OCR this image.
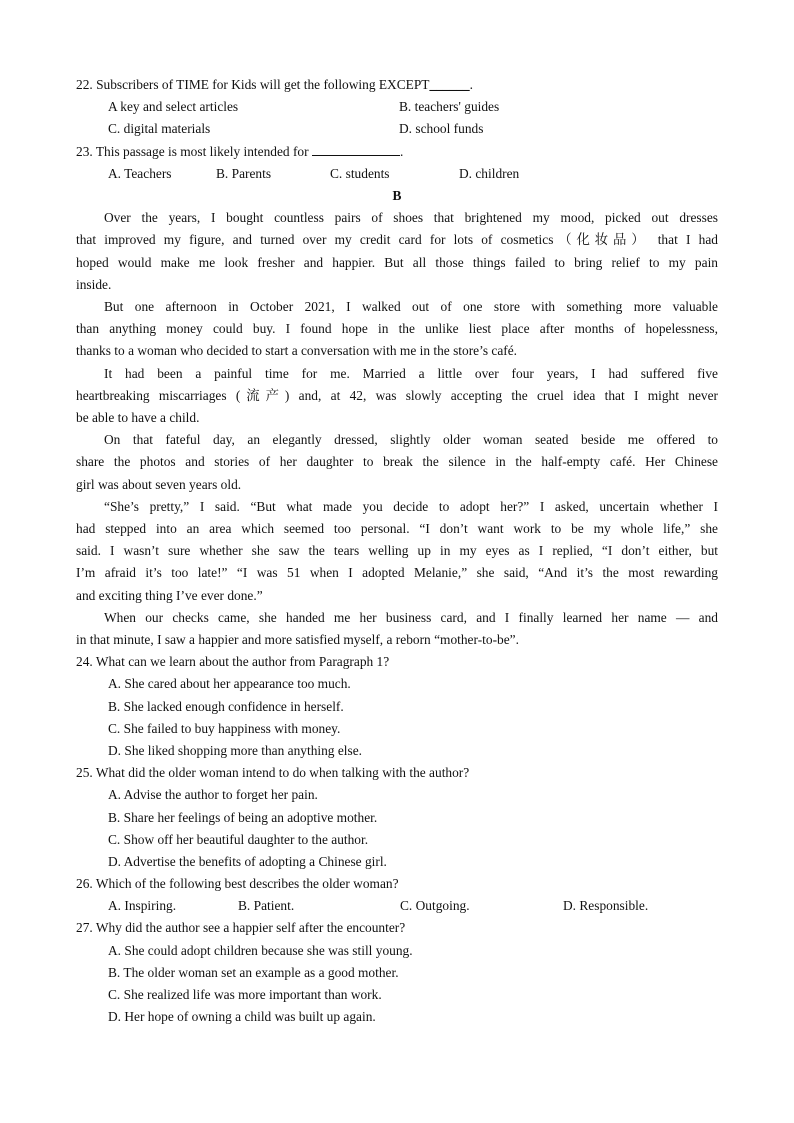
22. Subscribers of TIME for Kids will get the following EXCEPT______.
A key and select articles	B. teachers' guides
C. digital materials	D. school funds
23. This passage is most likely intended for	.
A. Teachers	B. Parents	C. students	D. children
B
Over the years, I bought countless pairs of shoes that brightened my mood, picked out dresses
that improved my figure, and turned over my credit card for lots of cosmetics（化妆品） that I had
hoped would make me look fresher and happier. But all those things failed to bring relief to my pain
inside.
But one afternoon in October 2021, I walked out of one store with something more valuable
than anything money could buy. I found hope in the unlike liest place after months of hopelessness,
thanks to a woman who decided to start a conversation with me in the store’s café.
It had been a painful time for me. Married a little over four years, I had suffered five
heartbreaking miscarriages (流产) and, at 42, was slowly accepting the cruel idea that I might never
be able to have a child.
On that fateful day, an elegantly dressed, slightly older woman seated beside me offered to
share the photos and stories of her daughter to break the silence in the half-empty café. Her Chinese
girl was about seven years old.
“She’s pretty,” I said. “But what made you decide to adopt her?” I asked, uncertain whether I
had stepped into an area which seemed too personal. “I don’t want work to be my whole life,” she
said. I wasn’t sure whether she saw the tears welling up in my eyes as I replied, “I don’t either, but
I’m afraid it’s too late!” “I was 51 when I adopted Melanie,” she said, “And it’s the most rewarding
and exciting thing I’ve ever done.”
When our checks came, she handed me her business card, and I finally learned her name — and
in that minute, I saw a happier and more satisfied myself, a reborn “mother-to-be”.
24. What can we learn about the author from Paragraph 1?
A. She cared about her appearance too much.
B. She lacked enough confidence in herself.
C. She failed to buy happiness with money.
D. She liked shopping more than anything else.
25. What did the older woman intend to do when talking with the author?
A. Advise the author to forget her pain.
B. Share her feelings of being an adoptive mother.
C. Show off her beautiful daughter to the author.
D. Advertise the benefits of adopting a Chinese girl.
26. Which of the following best describes the older woman?
A. Inspiring.	B. Patient.	C. Outgoing.	D. Responsible.
27. Why did the author see a happier self after the encounter?
A. She could adopt children because she was still young.
B. The older woman set an example as a good mother.
C. She realized life was more important than work.
D. Her hope of owning a child was built up again.
